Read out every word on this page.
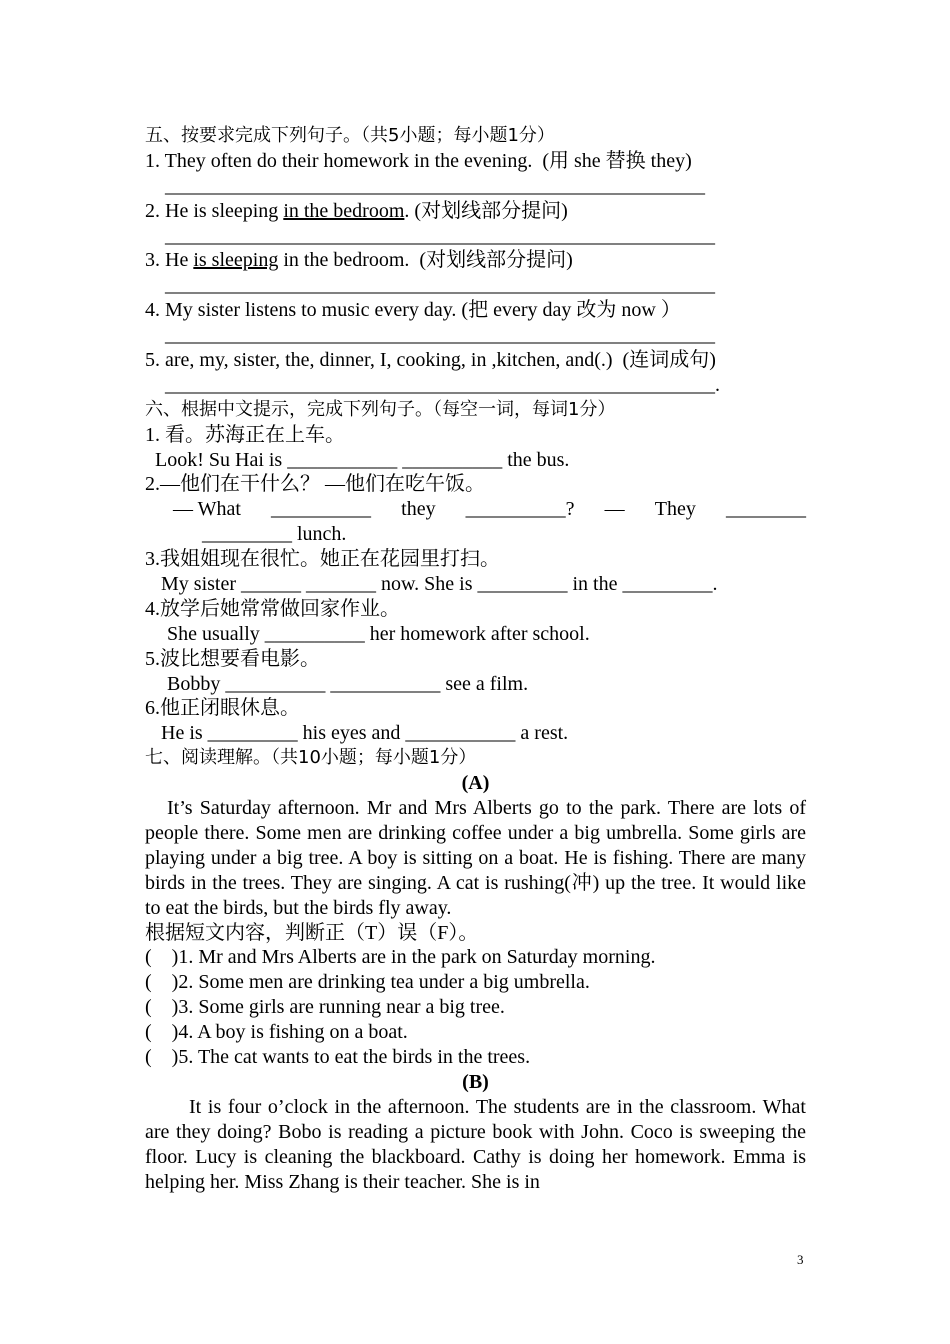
五、按要求完成下列句子。（共5小题；每小题1分）
1. They often do their homework in the evening.  (用 she 替换 they)
______________________________________________________
2. He is sleeping in the bedroom. (对划线部分提问)
_______________________________________________________
3. He is sleeping in the bedroom.  (对划线部分提问)
_______________________________________________________
4. My sister listens to music every day. (把 every day 改为 now ）
_______________________________________________________
5. are, my, sister, the, dinner, I, cooking, in ,kitchen, and(.)  (连词成句)
_______________________________________________________.
六、根据中文提示，完成下列句子。（每空一词，每词1分）
1. 看。苏海正在上车。
Look! Su Hai is ___________ __________ the bus.
2.—他们在干什么？ —他们在吃午饭。
— What __________ they __________? — They ________
_________ lunch.
3.我姐姐现在很忙。她正在花园里打扫。
My sister ______ _______ now. She is _________ in the _________.
4.放学后她常常做回家作业。
She usually __________ her homework after school.
5.波比想要看电影。
Bobby __________ ___________ see a film.
6.他正闭眼休息。
He is _________ his eyes and ___________ a rest.
七、阅读理解。（共10小题；每小题1分）
(A)
It’s Saturday afternoon. Mr and Mrs Alberts go to the park. There are lots of people there. Some men are drinking coffee under a big umbrella. Some girls are playing under a big tree. A boy is sitting on a boat. He is fishing. There are many birds in the trees. They are singing. A cat is rushing(冲) up the tree. It would like to eat the birds, but the birds fly away.
根据短文内容，判断正（T）误（F）。
(    )1. Mr and Mrs Alberts are in the park on Saturday morning.
(    )2. Some men are drinking tea under a big umbrella.
(    )3. Some girls are running near a big tree.
(    )4. A boy is fishing on a boat.
(    )5. The cat wants to eat the birds in the trees.
(B)
It is four o’clock in the afternoon. The students are in the classroom. What are they doing? Bobo is reading a picture book with John. Coco is sweeping the floor. Lucy is cleaning the blackboard. Cathy is doing her homework. Emma is helping her. Miss Zhang is their teacher. She is in
3
